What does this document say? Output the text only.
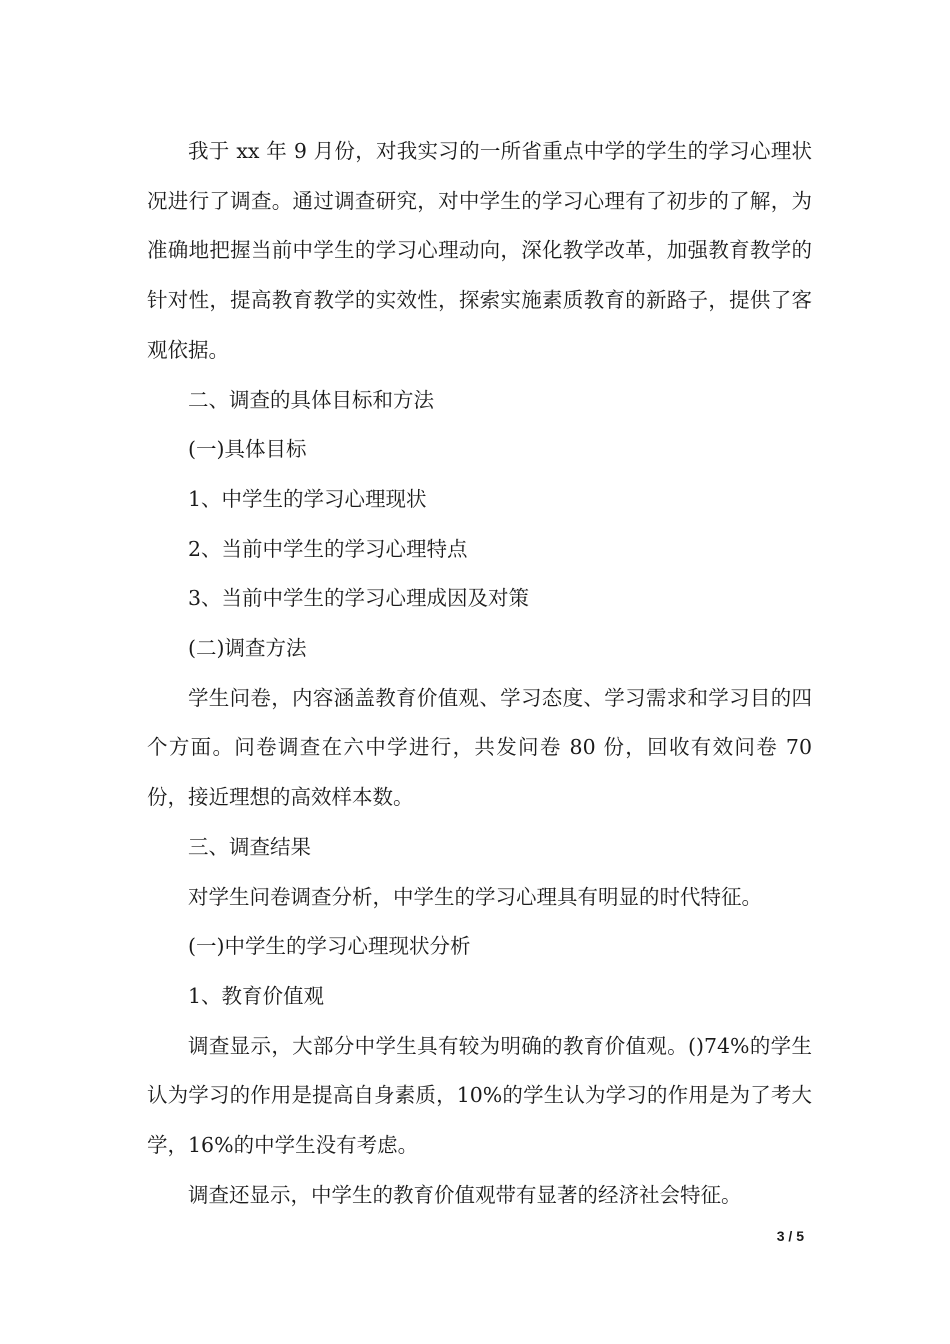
我于 xx 年 9 月份，对我实习的一所省重点中学的学生的学习心理状况进行了调查。通过调查研究，对中学生的学习心理有了初步的了解，为准确地把握当前中学生的学习心理动向，深化教学改革，加强教育教学的针对性，提高教育教学的实效性，探索实施素质教育的新路子，提供了客观依据。

二、调查的具体目标和方法

(一)具体目标

1、中学生的学习心理现状

2、当前中学生的学习心理特点

3、当前中学生的学习心理成因及对策

(二)调查方法

学生问卷，内容涵盖教育价值观、学习态度、学习需求和学习目的四个方面。问卷调查在六中学进行，共发问卷 80 份，回收有效问卷 70 份，接近理想的高效样本数。

三、调查结果

对学生问卷调查分析，中学生的学习心理具有明显的时代特征。

(一)中学生的学习心理现状分析

1、教育价值观

调查显示，大部分中学生具有较为明确的教育价值观。()74%的学生认为学习的作用是提高自身素质，10%的学生认为学习的作用是为了考大学，16%的中学生没有考虑。

调查还显示，中学生的教育价值观带有显著的经济社会特征。

3 / 5
